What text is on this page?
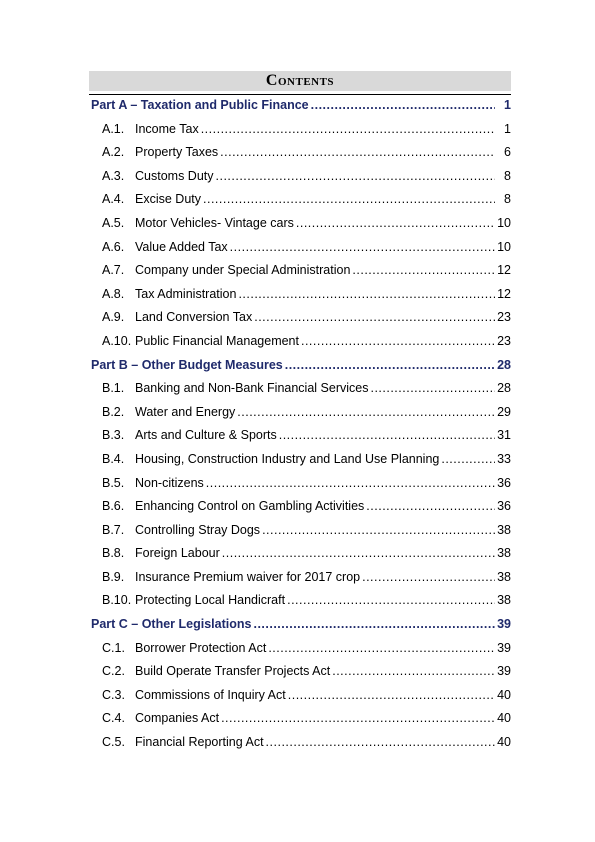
Contents
Part A – Taxation and Public Finance .....	1
A.1. Income Tax .....	1
A.2. Property Taxes .....	6
A.3. Customs Duty .....	8
A.4. Excise Duty .....	8
A.5. Motor Vehicles- Vintage cars .....	10
A.6. Value Added Tax .....	10
A.7. Company under Special Administration .....	12
A.8. Tax Administration .....	12
A.9. Land Conversion Tax .....	23
A.10. Public Financial Management .....	23
Part B – Other Budget Measures .....	28
B.1. Banking and Non-Bank Financial Services .....	28
B.2. Water and Energy .....	29
B.3. Arts and Culture & Sports .....	31
B.4. Housing, Construction Industry and Land Use Planning .....	33
B.5. Non-citizens .....	36
B.6. Enhancing Control on Gambling Activities .....	36
B.7. Controlling Stray Dogs .....	38
B.8. Foreign Labour .....	38
B.9. Insurance Premium waiver for 2017 crop .....	38
B.10. Protecting Local Handicraft .....	38
Part C – Other Legislations .....	39
C.1. Borrower Protection Act .....	39
C.2. Build Operate Transfer Projects Act .....	39
C.3. Commissions of Inquiry Act .....	40
C.4. Companies Act .....	40
C.5. Financial Reporting Act .....	40
